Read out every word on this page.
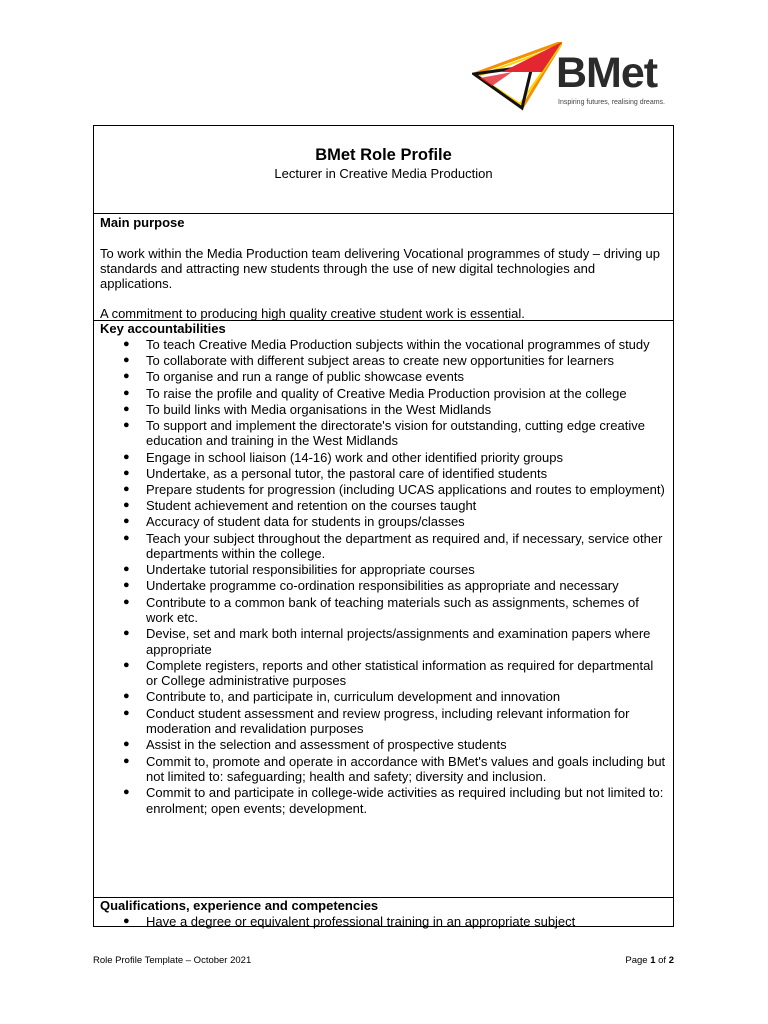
BMet
Inspiring futures, realising dreams.
BMet Role Profile
Lecturer in Creative Media Production
Main purpose
To work within the Media Production team delivering Vocational programmes of study – driving up standards and attracting new students through the use of new digital technologies and applications.
A commitment to producing high quality creative student work is essential.
Key accountabilities
● To teach Creative Media Production subjects within the vocational programmes of study
● To collaborate with different subject areas to create new opportunities for learners
● To organise and run a range of public showcase events
● To raise the profile and quality of Creative Media Production provision at the college
● To build links with Media organisations in the West Midlands
● To support and implement the directorate's vision for outstanding, cutting edge creative education and training in the West Midlands
● Engage in school liaison (14-16) work and other identified priority groups
● Undertake, as a personal tutor, the pastoral care of identified students
● Prepare students for progression (including UCAS applications and routes to employment)
● Student achievement and retention on the courses taught
● Accuracy of student data for students in groups/classes
● Teach your subject throughout the department as required and, if necessary, service other departments within the college.
● Undertake tutorial responsibilities for appropriate courses
● Undertake programme co-ordination responsibilities as appropriate and necessary
● Contribute to a common bank of teaching materials such as assignments, schemes of work etc.
● Devise, set and mark both internal projects/assignments and examination papers where appropriate
● Complete registers, reports and other statistical information as required for departmental or College administrative purposes
● Contribute to, and participate in, curriculum development and innovation
● Conduct student assessment and review progress, including relevant information for moderation and revalidation purposes
● Assist in the selection and assessment of prospective students
● Commit to, promote and operate in accordance with BMet's values and goals including but not limited to: safeguarding; health and safety; diversity and inclusion.
● Commit to and participate in college-wide activities as required including but not limited to: enrolment; open events; development.
Qualifications, experience and competencies
● Have a degree or equivalent professional training in an appropriate subject
Role Profile Template – October 2021	Page 1 of 2
